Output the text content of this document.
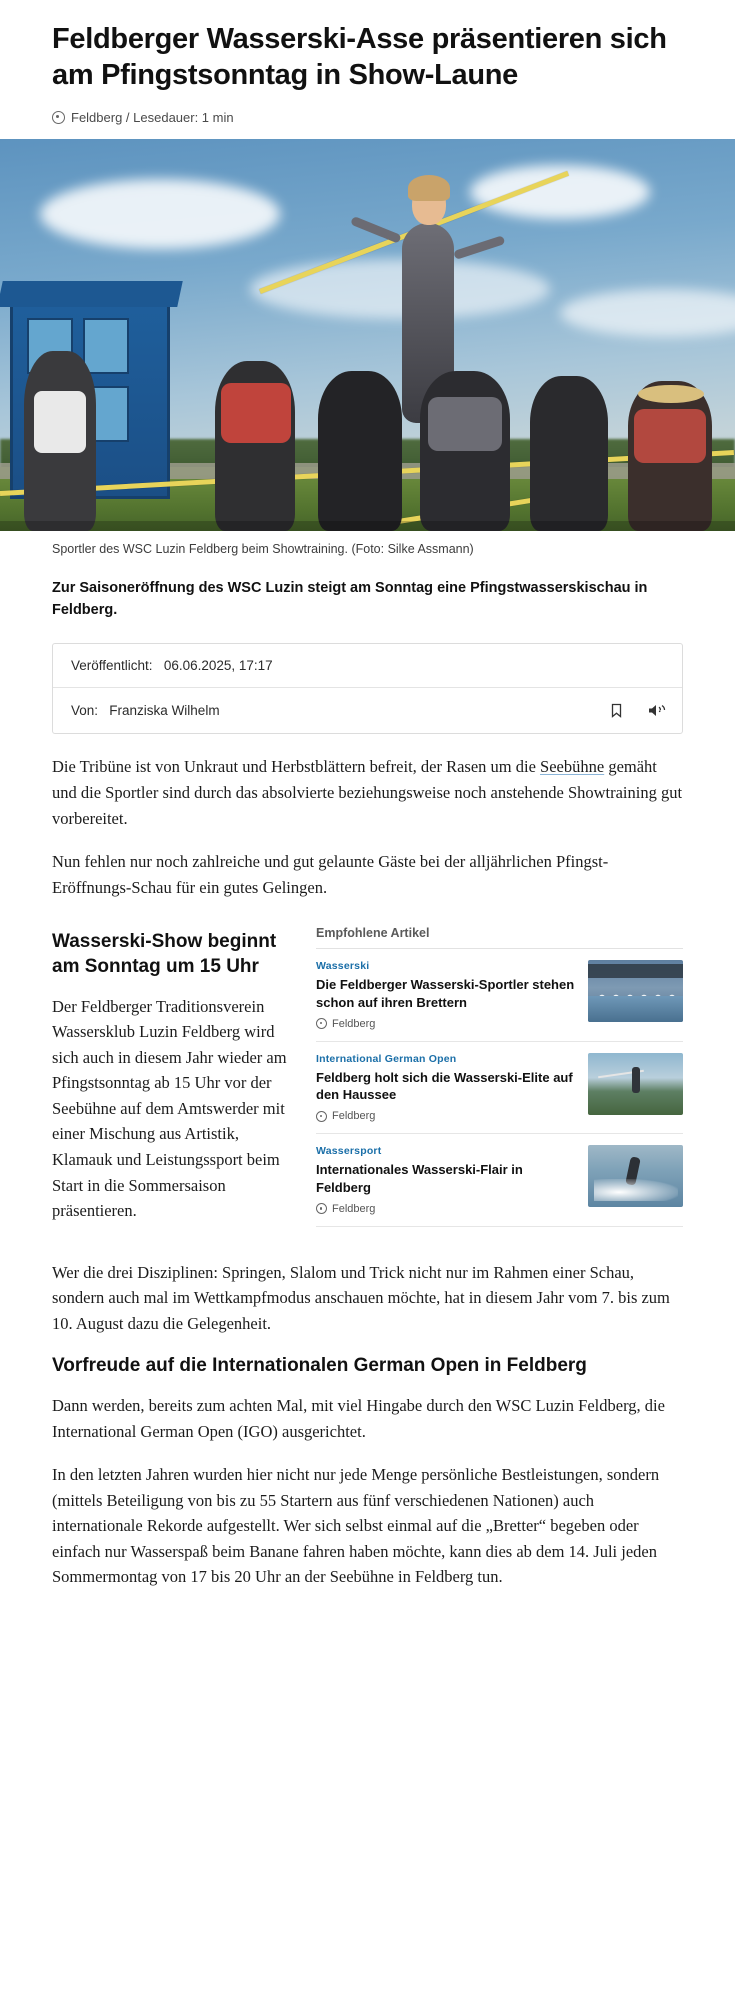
Feldberger Wasserski-Asse präsentieren sich am Pfingstsonntag in Show-Laune
Feldberg / Lesedauer: 1 min
Sportler des WSC Luzin Feldberg beim Showtraining. (Foto: Silke Assmann)
Zur Saisoneröffnung des WSC Luzin steigt am Sonntag eine Pfingstwasserskischau in Feldberg.
Veröffentlicht: 06.06.2025, 17:17
Von: Franziska Wilhelm

Die Tribüne ist von Unkraut und Herbstblättern befreit, der Rasen um die Seebühne gemäht und die Sportler sind durch das absolvierte beziehungsweise noch anstehende Showtraining gut vorbereitet.

Nun fehlen nur noch zahlreiche und gut gelaunte Gäste bei der alljährlichen Pfingst-Eröffnungs-Schau für ein gutes Gelingen.

Wasserski-Show beginnt am Sonntag um 15 Uhr

Der Feldberger Traditionsverein Wassersklub Luzin Feldberg wird sich auch in diesem Jahr wieder am Pfingstsonntag ab 15 Uhr vor der Seebühne auf dem Amtswerder mit einer Mischung aus Artistik, Klamauk und Leistungssport beim Start in die Sommersaison präsentieren.

Empfohlene Artikel
Wasserski
Die Feldberger Wasserski-Sportler stehen schon auf ihren Brettern
Feldberg
International German Open
Feldberg holt sich die Wasserski-Elite auf den Haussee
Feldberg
Wassersport
Internationales Wasserski-Flair in Feldberg
Feldberg

Wer die drei Disziplinen: Springen, Slalom und Trick nicht nur im Rahmen einer Schau, sondern auch mal im Wettkampfmodus anschauen möchte, hat in diesem Jahr vom 7. bis zum 10. August dazu die Gelegenheit.

Vorfreude auf die Internationalen German Open in Feldberg

Dann werden, bereits zum achten Mal, mit viel Hingabe durch den WSC Luzin Feldberg, die International German Open (IGO) ausgerichtet.

In den letzten Jahren wurden hier nicht nur jede Menge persönliche Bestleistungen, sondern (mittels Beteiligung von bis zu 55 Startern aus fünf verschiedenen Nationen) auch internationale Rekorde aufgestellt. Wer sich selbst einmal auf die „Bretter“ begeben oder einfach nur Wasserspaß beim Banane fahren haben möchte, kann dies ab dem 14. Juli jeden Sommermontag von 17 bis 20 Uhr an der Seebühne in Feldberg tun.
